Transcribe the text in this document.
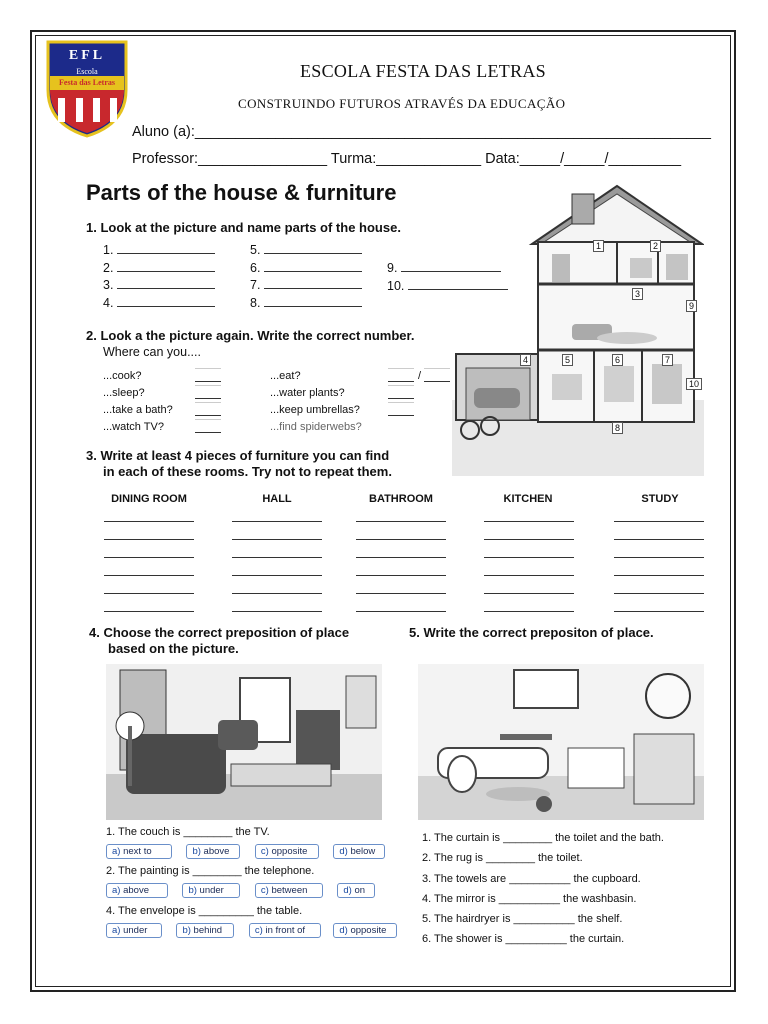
EFL
Escola
Festa das Letras
ESCOLA FESTA DAS LETRAS
CONSTRUINDO FUTUROS ATRAVÉS DA EDUCAÇÃO
Aluno (a):________________________________________________________________
Professor:________________ Turma:_____________ Data:_____/_____/_________
Parts of the house & furniture
1. Look at the picture and name parts of the house.
1.
2.
3.
4.
5.
6.
7.
8.
9.
10.
2. Look a the picture again. Write the correct number.
Where can you....
...cook?
...sleep?
...take a bath?
...watch TV?
...eat?	/
...water plants?
...keep umbrellas?
...find spiderwebs?
1	2
3
4	5	6	7
8
9
10
3. Write at least 4 pieces of furniture you can find
in each of these rooms. Try not to repeat them.
DINING ROOM	HALL	BATHROOM	KITCHEN	STUDY
4. Choose the correct preposition of place
based on the picture.
1. The couch is ________ the TV.
a) next to	b) above	c) opposite	d) below
2. The painting is ________ the telephone.
a) above	b) under	c) between	d) on
4. The envelope is _________ the table.
a) under	b) behind	c) in front of	d) opposite
5. Write the correct prepositon of place.
1. The curtain is ________ the toilet and the bath.
2. The rug is ________ the toilet.
3. The towels are __________ the cupboard.
4. The mirror is __________ the washbasin.
5. The hairdryer is __________ the shelf.
6. The shower is __________ the curtain.
